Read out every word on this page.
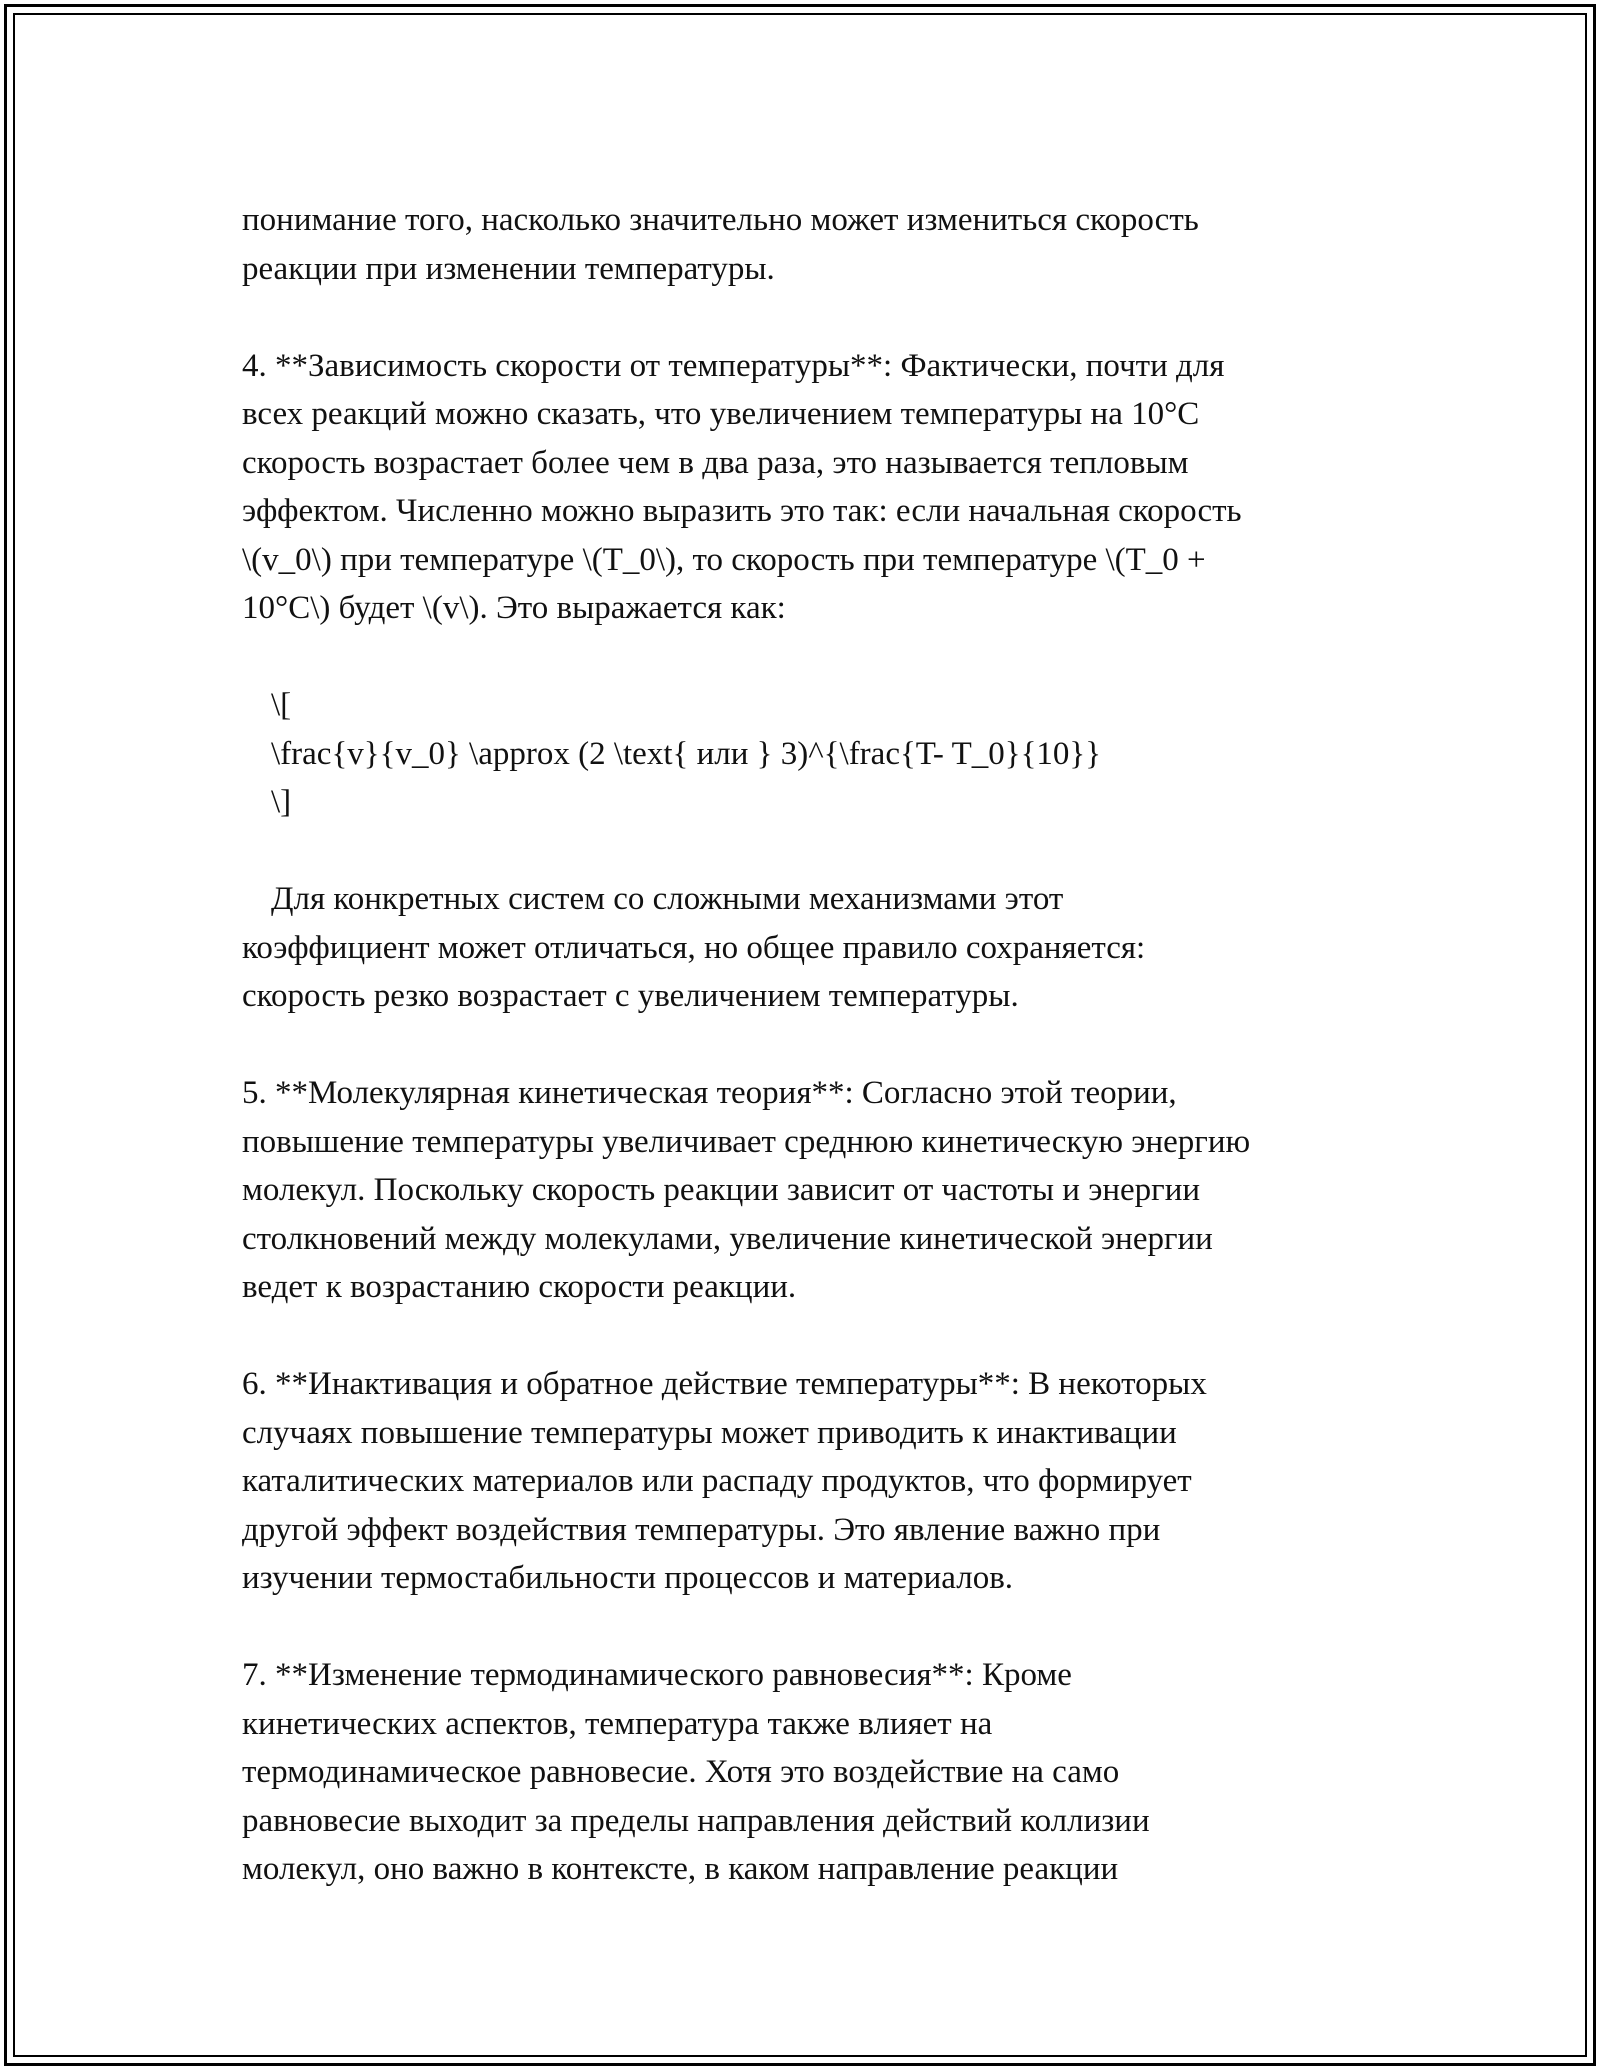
понимание того, насколько значительно может измениться скорость

реакции при изменении температуры.

4. **Зависимость скорости от температуры**: Фактически, почти для

всех реакций можно сказать, что увеличением температуры на 10°C

скорость возрастает более чем в два раза, это называется тепловым

эффектом. Численно можно выразить это так: если начальная скорость

\(v_0\) при температуре \(T_0\), то скорость при температуре \(T_0 +

10°C\) будет \(v\). Это выражается как:

\[

\frac{v}{v_0} \approx (2 \text{ или } 3)^{\frac{T- T_0}{10}}

\]

Для конкретных систем со сложными механизмами этот

коэффициент может отличаться, но общее правило сохраняется:

скорость резко возрастает с увеличением температуры.

5. **Молекулярная кинетическая теория**: Согласно этой теории,

повышение температуры увеличивает среднюю кинетическую энергию

молекул. Поскольку скорость реакции зависит от частоты и энергии

столкновений между молекулами, увеличение кинетической энергии

ведет к возрастанию скорости реакции.

6. **Инактивация и обратное действие температуры**: В некоторых

случаях повышение температуры может приводить к инактивации

каталитических материалов или распаду продуктов, что формирует

другой эффект воздействия температуры. Это явление важно при

изучении термостабильности процессов и материалов.

7. **Изменение термодинамического равновесия**: Кроме

кинетических аспектов, температура также влияет на

термодинамическое равновесие. Хотя это воздействие на само

равновесие выходит за пределы направления действий коллизии

молекул, оно важно в контексте, в каком направление реакции
